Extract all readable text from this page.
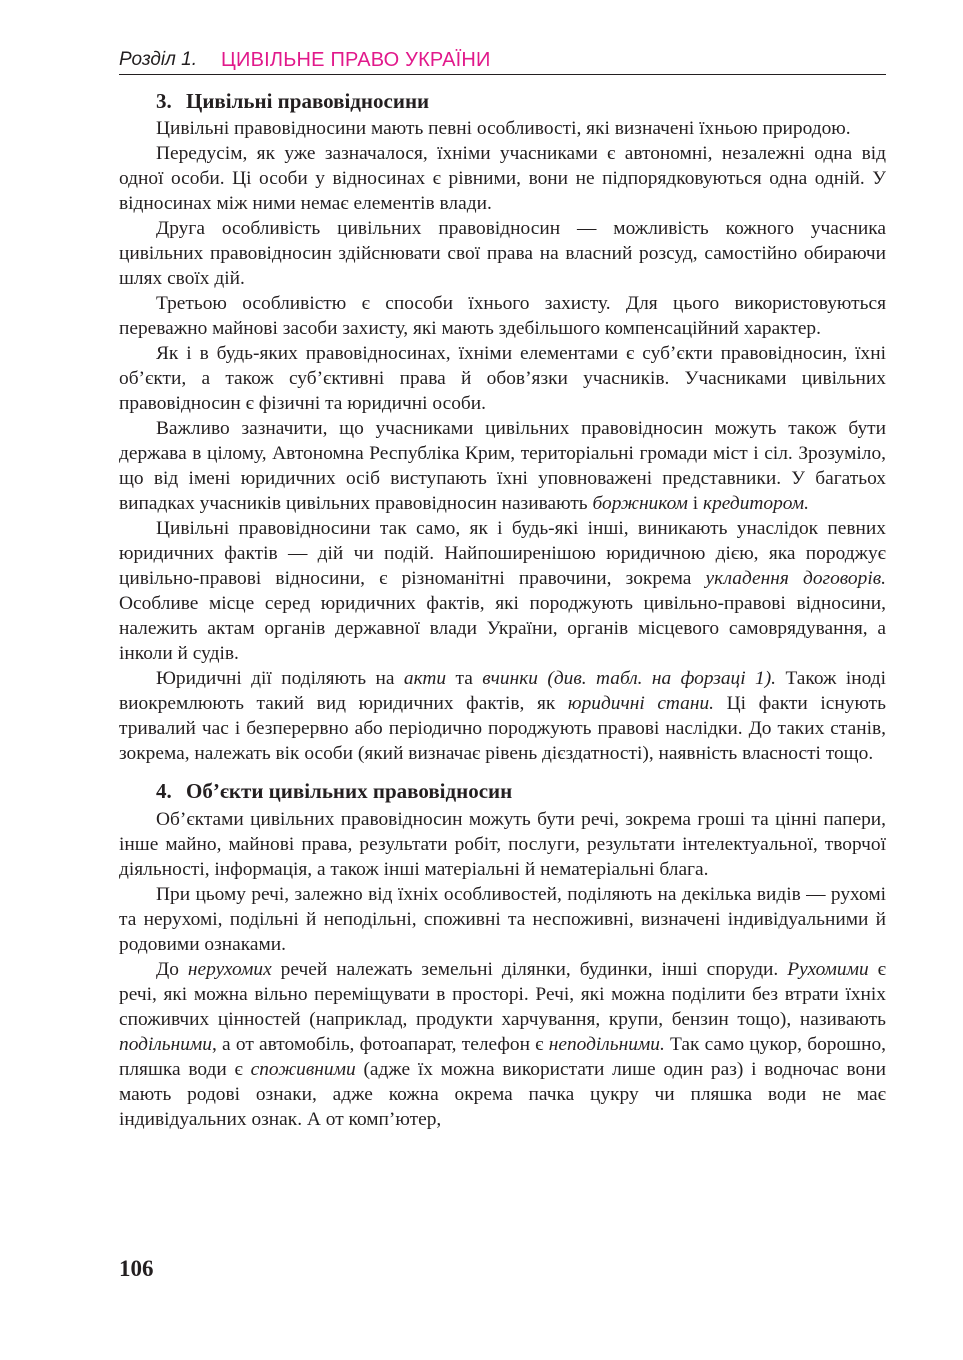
Розділ 1. ЦИВІЛЬНЕ ПРАВО УКРАЇНИ
3. Цивільні правовідносини

Цивільні правовідносини мають певні особливості, які визначені їхньою природою.

Передусім, як уже зазначалося, їхніми учасниками є автономні, незалежні одна від одної особи. Ці особи у відносинах є рівними, вони не підпорядковуються одна одній. У відносинах між ними немає елементів влади.

Друга особливість цивільних правовідносин — можливість кожного учасника цивільних правовідносин здійснювати свої права на власний розсуд, самостійно обираючи шлях своїх дій.

Третьою особливістю є способи їхнього захисту. Для цього використовуються переважно майнові засоби захисту, які мають здебільшого компенсаційний характер.

Як і в будь-яких правовідносинах, їхніми елементами є суб’єкти правовідносин, їхні об’єкти, а також суб’єктивні права й обов’язки учасників. Учасниками цивільних правовідносин є фізичні та юридичні особи.

Важливо зазначити, що учасниками цивільних правовідносин можуть також бути держава в цілому, Автономна Республіка Крим, територіальні громади міст і сіл. Зрозуміло, що від імені юридичних осіб виступають їхні уповноважені представники. У багатьох випадках учасників цивільних правовідносин називають боржником і кредитором.

Цивільні правовідносини так само, як і будь-які інші, виникають унаслідок певних юридичних фактів — дій чи подій. Найпоширенішою юридичною дією, яка породжує цивільно-правові відносини, є різноманітні правочини, зокрема укладення договорів. Особливе місце серед юридичних фактів, які породжують цивільно-правові відносини, належить актам органів державної влади України, органів місцевого самоврядування, а інколи й судів.

Юридичні дії поділяють на акти та вчинки (див. табл. на форзаці 1). Також іноді виокремлюють такий вид юридичних фактів, як юридичні стани. Ці факти існують тривалий час і безперервно або періодично породжують правові наслідки. До таких станів, зокрема, належать вік особи (який визначає рівень дієздатності), наявність власності тощо.

4. Об’єкти цивільних правовідносин

Об’єктами цивільних правовідносин можуть бути речі, зокрема гроші та цінні папери, інше майно, майнові права, результати робіт, послуги, результати інтелектуальної, творчої діяльності, інформація, а також інші матеріальні й нематеріальні блага.

При цьому речі, залежно від їхніх особливостей, поділяють на декілька видів — рухомі та нерухомі, подільні й неподільні, споживні та неспоживні, визначені індивідуальними й родовими ознаками.

До нерухомих речей належать земельні ділянки, будинки, інші споруди. Рухомими є речі, які можна вільно переміщувати в просторі. Речі, які можна поділити без втрати їхніх споживчих цінностей (наприклад, продукти харчування, крупи, бензин тощо), називають подільними, а от автомобіль, фотоапарат, телефон є неподільними. Так само цукор, борошно, пляшка води є споживними (адже їх можна використати лише один раз) і водночас вони мають родові ознаки, адже кожна окрема пачка цукру чи пляшка води не має індивідуальних ознак. А от комп’ютер,

106
